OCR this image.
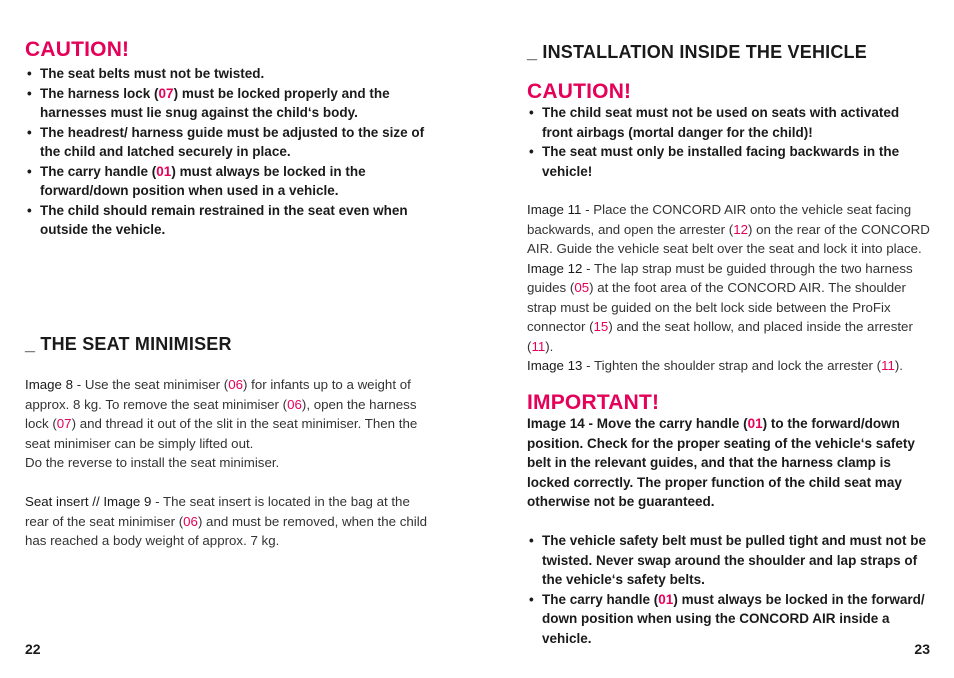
CAUTION!
• The seat belts must not be twisted.
• The harness lock (07) must be locked properly and the harnesses must lie snug against the child‘s body.
• The headrest/ harness guide must be adjusted to the size of the child and latched securely in place.
• The carry handle (01) must always be locked in the forward/down position when used in a vehicle.
• The child should remain restrained in the seat even when outside the vehicle.
_ THE SEAT MINIMISER
Image 8 - Use the seat minimiser (06) for infants up to a weight of approx. 8 kg. To remove the seat minimiser (06), open the harness lock (07) and thread it out of the slit in the seat minimiser. Then the seat minimiser can be simply lifted out.
Do the reverse to install the seat minimiser.
Seat insert // Image 9 - The seat insert is located in the bag at the rear of the seat minimiser (06) and must be removed, when the child has reached a body weight of approx. 7 kg.
22
_ INSTALLATION INSIDE THE VEHICLE
CAUTION!
• The child seat must not be used on seats with activated front airbags (mortal danger for the child)!
• The seat must only be installed facing backwards in the vehicle!
Image 11 - Place the CONCORD AIR onto the vehicle seat facing backwards, and open the arrester (12) on the rear of the CONCORD AIR. Guide the vehicle seat belt over the seat and lock it into place.
Image 12 - The lap strap must be guided through the two harness guides (05) at the foot area of the CONCORD AIR. The shoulder strap must be guided on the belt lock side between the ProFix connector (15) and the seat hollow, and placed inside the arrester (11).
Image 13 - Tighten the shoulder strap and lock the arrester (11).
IMPORTANT!
Image 14 - Move the carry handle (01) to the forward/down position. Check for the proper seating of the vehicle‘s safety belt in the relevant guides, and that the harness clamp is locked correctly. The proper function of the child seat may otherwise not be guaranteed.
• The vehicle safety belt must be pulled tight and must not be twisted. Never swap around the shoulder and lap straps of the vehicle‘s safety belts.
• The carry handle (01) must always be locked in the forward/ down position when using the CONCORD AIR inside a vehicle.
23
